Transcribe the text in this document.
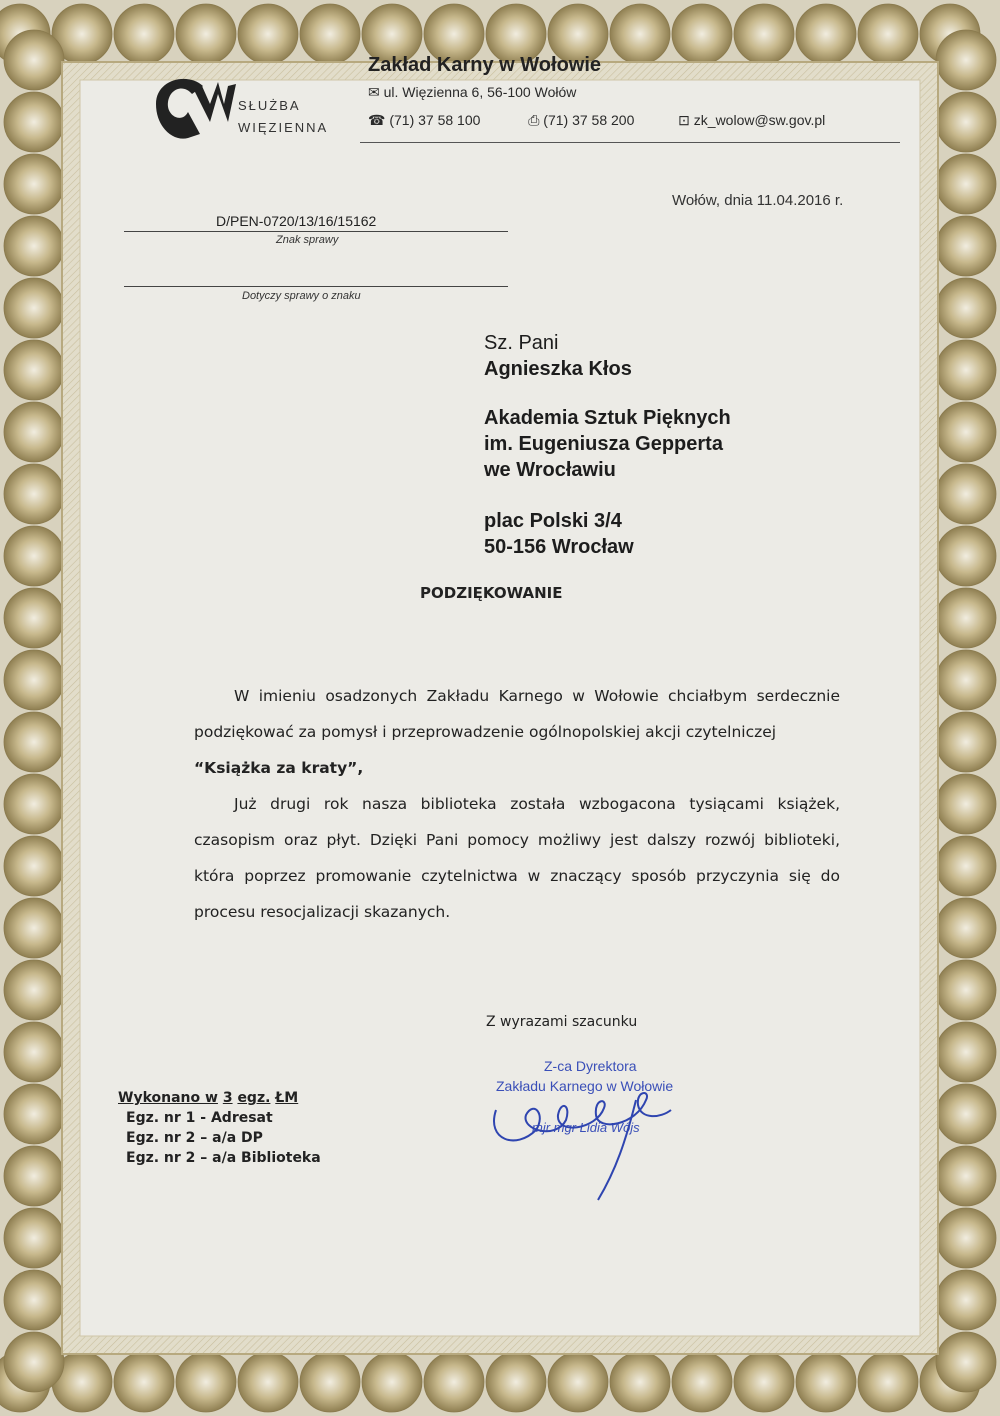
SŁUŻBA
WIĘZIENNA
Zakład Karny w Wołowie
✉ ul. Więzienna 6, 56-100 Wołów
☎ (71) 37 58 100	⎙ (71) 37 58 200	⊡ zk_wolow@sw.gov.pl
Wołów, dnia 11.04.2016 r.
D/PEN-0720/13/16/15162
Znak sprawy
Dotyczy sprawy o znaku
Sz. Pani
Agnieszka Kłos
Akademia Sztuk Pięknych
im. Eugeniusza Gepperta
we Wrocławiu
plac Polski 3/4
50-156 Wrocław
PODZIĘKOWANIE

W imieniu osadzonych Zakładu Karnego w Wołowie chciałbym serdecznie podziękować za pomysł i przeprowadzenie ogólnopolskiej akcji czytelniczej

“Książka za kraty”,

Już drugi rok nasza biblioteka została wzbogacona tysiącami książek, czasopism oraz płyt. Dzięki Pani pomocy możliwy jest dalszy rozwój biblioteki, która poprzez promowanie czytelnictwa w znaczący sposób przyczynia się do procesu resocjalizacji skazanych.

Z wyrazami szacunku
Z-ca Dyrektora
Zakładu Karnego w Wołowie
mjr mgr Lidia Wójs
Wykonano w 3 egz. ŁM
Egz. nr 1 - Adresat
Egz. nr 2 – a/a DP
Egz. nr 2 – a/a Biblioteka
